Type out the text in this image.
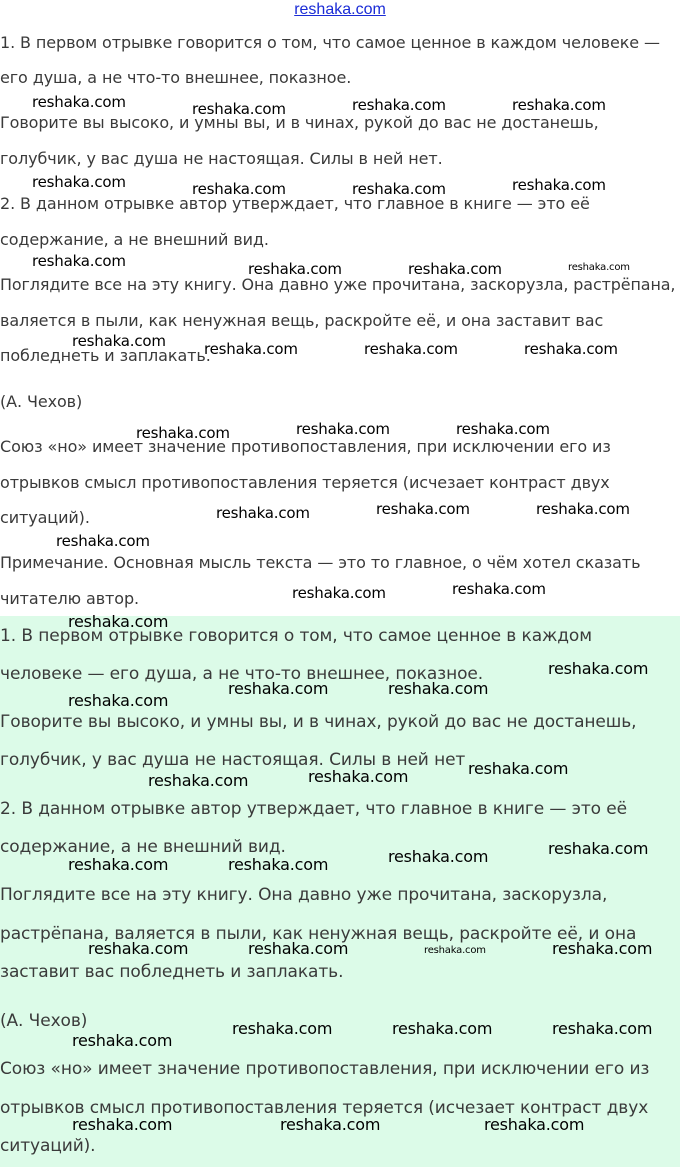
reshaka.com

1. В первом отрывке говорится о том, что самое ценное в каждом человеке —

его душа, а не что-то внешнее, показное.

Говорите вы высоко, и умны вы, и в чинах, рукой до вас не достанешь,

голубчик, у вас душа не настоящая. Силы в ней нет.

2. В данном отрывке автор утверждает, что главное в книге — это её

содержание, а не внешний вид.

Поглядите все на эту книгу. Она давно уже прочитана, заскорузла, растрёпана,

валяется в пыли, как ненужная вещь, раскройте её, и она заставит вас

побледнеть и заплакать.

(А. Чехов)

Союз «но» имеет значение противопоставления, при исключении его из

отрывков смысл противопоставления теряется (исчезает контраст двух

ситуаций).

Примечание. Основная мысль текста — это то главное, о чём хотел сказать

читателю автор.

reshaka.com	reshaka.com	reshaka.com	reshaka.com
reshaka.com	reshaka.com	reshaka.com	reshaka.com
reshaka.com	reshaka.com	reshaka.com	reshaka.com
reshaka.com	reshaka.com	reshaka.com	reshaka.com
reshaka.com	reshaka.com	reshaka.com
reshaka.com	reshaka.com	reshaka.com
reshaka.com
reshaka.com	reshaka.com
reshaka.com

1. В первом отрывке говорится о том, что самое ценное в каждом

человеке — его душа, а не что-то внешнее, показное.

Говорите вы высоко, и умны вы, и в чинах, рукой до вас не достанешь,

голубчик, у вас душа не настоящая. Силы в ней нет

2. В данном отрывке автор утверждает, что главное в книге — это её

содержание, а не внешний вид.

Поглядите все на эту книгу. Она давно уже прочитана, заскорузла,

растрёпана, валяется в пыли, как ненужная вещь, раскройте её, и она

заставит вас побледнеть и заплакать.

(А. Чехов)

Союз «но» имеет значение противопоставления, при исключении его из

отрывков смысл противопоставления теряется (исчезает контраст двух

ситуаций).

reshaka.com
reshaka.com	reshaka.com
reshaka.com
reshaka.com
reshaka.com
reshaka.com
reshaka.com
reshaka.com
reshaka.com	reshaka.com
reshaka.com	reshaka.com	reshaka.com	reshaka.com
reshaka.com	reshaka.com	reshaka.com
reshaka.com
reshaka.com	reshaka.com	reshaka.com
